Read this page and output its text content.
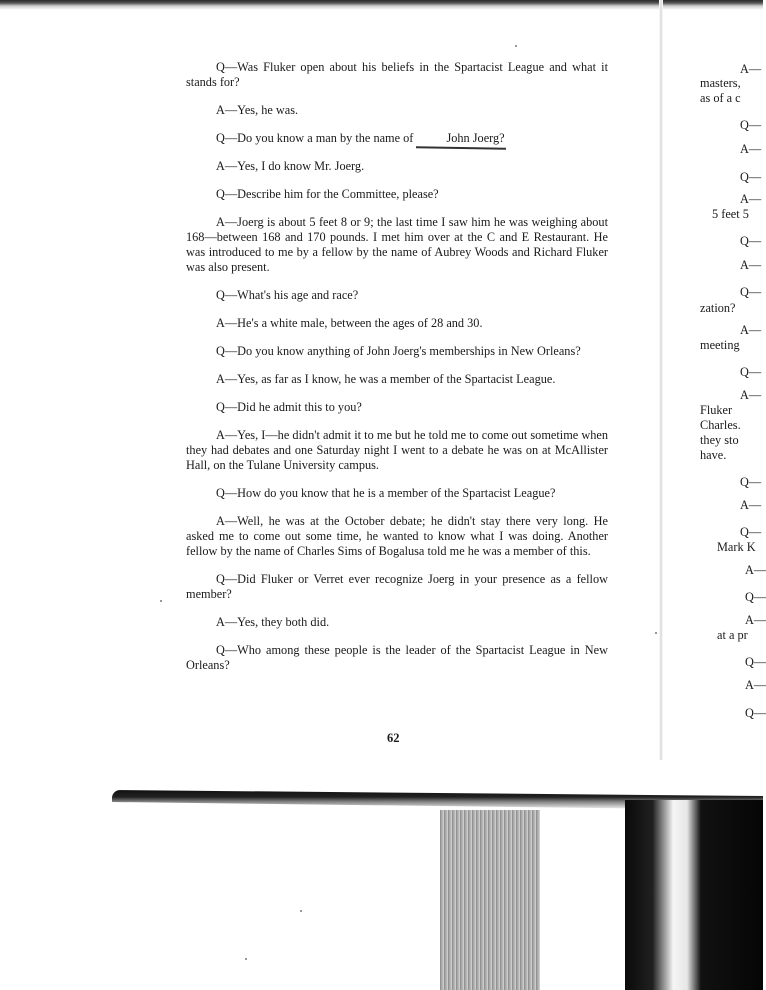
Q—Was Fluker open about his beliefs in the Spartacist League and what it stands for?

A—Yes, he was.

Q—Do you know a man by the name of John Joerg?

A—Yes, I do know Mr. Joerg.

Q—Describe him for the Committee, please?

A—Joerg is about 5 feet 8 or 9; the last time I saw him he was weighing about 168—between 168 and 170 pounds. I met him over at the C and E Restaurant. He was introduced to me by a fellow by the name of Aubrey Woods and Richard Fluker was also present.

Q—What's his age and race?

A—He's a white male, between the ages of 28 and 30.

Q—Do you know anything of John Joerg's memberships in New Orleans?

A—Yes, as far as I know, he was a member of the Spartacist League.

Q—Did he admit this to you?

A—Yes, I—he didn't admit it to me but he told me to come out sometime when they had debates and one Saturday night I went to a debate he was on at McAllister Hall, on the Tulane University campus.

Q—How do you know that he is a member of the Spartacist League?

A—Well, he was at the October debate; he didn't stay there very long. He asked me to come out some time, he wanted to know what I was doing. Another fellow by the name of Charles Sims of Bogalusa told me he was a member of this.

Q—Did Fluker or Verret ever recognize Joerg in your presence as a fellow member?

A—Yes, they both did.

Q—Who among these people is the leader of the Spartacist League in New Orleans?

62
A—
masters,
as of a c
Q—
A—
Q—
A—
5 feet 5
Q—
A—
Q—
zation?
A—
meeting
Q—
A—
Fluker
Charles.
they sto
have.
Q—
A—
Q—
Mark K
A—
Q—
A—
at a pr
Q—
A—
Q—
